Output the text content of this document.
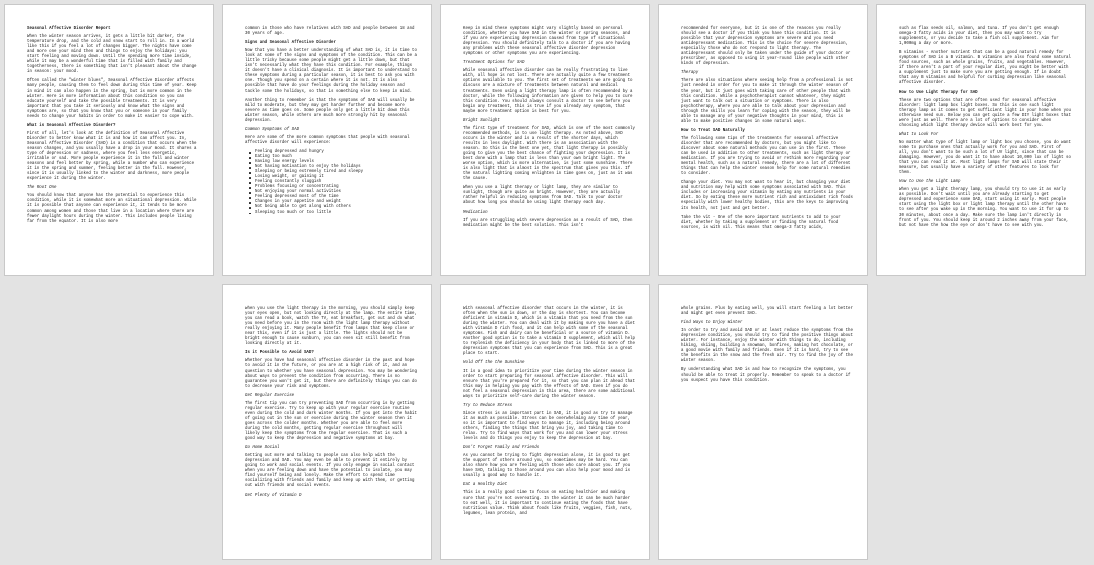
Seasonal Affective Disorder Report

When the winter season arrives, it gets a little bit darker, the temperature drop, and the cold and snow start to roll in. In a world like this if you feel a lot of changes bigger. The nights have come and more one your mind then and things to enjoy the holidays: you start feeling and moving down. Until the spending more time inside, while it may be a wonderful time that is filled with family and togetherness, there is something that isn't pleasant about the change in season: your mood.

Often called the "winter blues", Seasonal Affective Disorder affects many people, causing them to feel down during this time of year. Keep in mind it can also happen in the spring, but is more common in the winter. Here is more information about this condition so you can educate yourself and take the possible treatments. It is very important that you take it seriously and know what the signs and symptoms are, so that you know that you or someone in your family needs to change your habits in order to make it easier to cope with.

What is Seasonal Affective Disorder?

First of all, let's look at the definition of Seasonal Affective Disorder to better know what it is and how it can affect you. In, Seasonal Affective Disorder (SAD) is a condition that occurs when the season changes, and you usually have a drop in your mood. It shares a type of depression or sadness, where you feel less energetic, irritable or sad. More people experience it in the fall and winter seasons and feel better by spring, while a number who can experience it in the spring and summer, feeling better in the fall. However, since it is usually linked to the winter and darkness, more people experience it during the winter.

The Root One

You should know that anyone has the potential to experience this condition, while it is somewhat more an situational depression. While it is possible that anyone can experience it, it tends to be more common among women and those that live in a location where there are fewer daylight hours during the winter. This includes people living far from the equator. It is also more

common in those who have relatives with SAD and people between 18 and 30 years of age.

Signs and Seasonal Affective Disorder

Now that you have a better understanding of what SAD is, it is time to look at some of the signs and symptoms of the condition. This can be a little tricky because some people might get a little down, but that isn't necessarily what they have this condition. For example, things it doesn't have a clinical diagnosis. It is important to understand to these symptoms during a particular season, it is best to ask you with one. Though you spend on a certain where it is not. It is also possible that have do your feelings during the holiday season and tackle some the holidays, so that is something else to keep in mind.

Another thing to remember is that the symptoms of SAD will usually be mild to moderate, but they may get harder further and become more severe as time goes on. Some people only get a little bit down this winter season, while others are much more strongly hit by seasonal depression.

Common Symptoms of SAD

Here are some of the more common symptoms that people with seasonal affective disorder will experience:

Feeling depressed and hungry
Eating too much
Having low energy levels
Not having motivation to enjoy the holidays
Sleeping or being extremely tired and sleepy
Losing weight, or gaining it
Feeling constantly sluggish
Problems focusing or concentrating
Not enjoying your normal activities
Feeling depressed most of the time
Changes in your appetite and weight
Not being able to get along with others
Sleeping too much or too little

Keep in mind these symptoms might vary slightly based on personal condition, whether you have SAD in the winter or spring seasons, and if you are experiencing depression caused from type of situational depression. You should definitely talk to a doctor if you are having any problems with these seasonal affective disorder depression symptoms or other symptoms you are experiencing.

Treatment Options for SAD

While seasonal affective disorder can be really frustrating to live with, all hope is not lost. There are actually quite a few treatment options available to you. The first set of treatments we are going to discuss are a mixture of treatments between natural and medical treatments. Even using a light therapy lamp is often recommended by a doctor, while the following information are given to help you to cure this condition. You should always consult a doctor to see before you begin any treatment, this is true if you already any symptom, that maybe more treatment option is best for you.

Bright Sunlight

The first type of treatment for SAD, which is one of the most commonly recommended methods, is to use light therapy. As noted above, SAD occurs in the winter and is a result of the shorter days, which results in less daylight. With there is an association with the season. So this is the best one yet, that light therapy is possibly going to give you the best chance of fighting your depression. It is best done with a lamp that is less than your own bright light. The worse option, which is more alternative, is just some sunshine. There is also light that is almost in the spectrum that gives you this. If the natural lighting coming enlighten in time goes on, just as it was the cause.

When you use a light therapy or light lamp, they are similar to sunlight, though are quite as bright. However, they are actually rather helpful in reducing symptoms from SAD. Talk to your doctor about how long you should be using light therapy each day.

Medication

If you are struggling with severe depression as a result of SAD, then medication might be the best solution. This isn't

recommended for everyone, but it is one of the reasons you really should see a doctor if you think you have this condition. It is possible that your depression symptoms are severe and you need antidepressant medication. This is the choice for severe depression, especially those who do not respond to light therapy. The antidepressant should only be taken under the guide of your doctor or prescriber, as opposed to using it year-round like people with other kinds of depression.

Therapy

There are also situations where seeing help from a professional is not just needed in order for you to make it through the winter season of the year, but it just goes with taking care of other people that with this condition. While a psychotherapist cannot whatever, they might just want to talk out a situation or symptoms. There is also psychotherapy, where you are able to talk about your depression and through the skills you learn for coping with the season, they will be able to manage any of your negative thoughts in your mind, this is able to make positive changes in some natural ways.

How to Treat SAD Naturally

The following some tips of the treatments for seasonal affective disorder that are recommended by doctors, but you might like to discover about some natural methods you can use in the first. These can be used in addition to other treatments, such as light therapy or medication. If you are trying to avoid or rethink more regarding your mental health, such as a natural remedy, there are a lot of different things that can help the winter season help for some natural remedies to consider.

Change your diet. You may not want to hear it, but changing your diet and nutrition may help with some symptoms associated with SAD. This includes or increasing your vitamin by eating any nutrients in your diet. So by eating these more nutrient rich and antioxidant rich foods especially with lower healthy bodies, this are the keys to improving its health, not just and get better.

Take the vit - One of the more important nutrients to add to your diet, whether by taking a supplement or finding the natural food sources, is with oil. This means that omega-3 fatty acids,

such as flax seeds oil, salmon, and tuna. If you don't get enough omega-3 fatty acids in your diet, then you may want to try supplements, or you decide to take a fish oil supplement. Aim for 1,000mg a day or more.

B vitamins - Another nutrient that can be a good natural remedy for symptoms of SAD is a B vitamin. B vitamins are also found some natural food sources, such as whole grains, fruits, and vegetables. However, if there aren't a part of your regular diet, you might be better with a supplement just to make sure you are getting enough. If in doubt that any B vitamins and helpful for curbing depression like seasonal affective disorder.

How to Use Light Therapy for SAD

These are two options that are often used for seasonal affective disorder: light lamp box light boxes. So this is one such light therapy lamp as it comes to get sufficient light in your home when you otherwise need sun. Below you can get quite a few DIY light boxes that were just as well. There are a lot of options to consider when choosing which light therapy device will work best for you.

What to Look For

No matter what type of light lamp or light box you choose, you do want some to purchase ones that actually work for you and SAD. First of all, you don't want to be such a lot of UV light, since that can be damaging. However, you do want it to have about 10,000 lux of light so that you can read it at. Most light lamps for SAD will state their measure, but usually have a variety of other features to look for them.

How to Use the Light Lamp

When you get a light therapy lamp, you should try to use it as early as possible. Don't wait until you are already starting to get depressed and experience some SAD, start using it early. Most people start using the light box or light lamp therapy until the other have to see after you wake up in the morning. You want to use it for up to 30 minutes, about once a day. Make sure the lamp isn't directly in front of you. You should keep it around 2 inches away from your face, but not have the how the eye or don't have to see with you.

when you use the light therapy in the morning, you should simply keep your eyes open, but not looking directly at the lamp. The entire time, you can read a book, watch the TV, eat breakfast, get out and do what you need before you in the room with the light lamp therapy without really enjoying it. Many people benefit from lamps that keep close or near this, even if it is just a little. The lights should not be bright enough to cause sunburn, you can even sit still benefit from looking directly at it.

Is it Possible to Avoid SAD?

Whether you have had seasonal affective disorder in the past and hope to avoid it in the future, or you are at a high risk of it, and an question to whether you have seasonal depression. You may be wondering about ways to prevent the condition from occurring. There is no guarantee you won't get it, but there are definitely things you can do to decrease your risk and symptoms.

Get Regular Exercise

The first tip you can try preventing SAD from occurring is by getting regular exercise. Try to keep up with your regular exercise routine even during the cold and dark winter months. If you get into the habit of going out in the sun or exercise during the winter season then it goes across the colder months. Whether you are able to feel more during the cold months, getting regular exercise throughout will likely keep the symptoms from the regular exercise. That is such a good way to keep the depression and negative symptoms at bay.

Go Home Social

Getting out more and talking to people can also help with the depression and SAD. You may even be able to prevent it entirely by going to work and social events. If you only engage in social contact when you are feeling down and have the potential to isolate, you may find yourself being and lonely. Make the effort to spend time socializing with friends and family and keep up with them, or getting out with friends and social events.

Get Plenty of Vitamin D

With seasonal affective disorder that occurs in the winter, it is often when the sun is down, or the day is shortest. You can become deficient in vitamin D, which is a vitamin that you need from the sun during the winter. You can deal with it by making sure you have a diet with vitamin D rich food, and it can help with some of the seasonal symptoms. Fish and dairy can be beneficial or a source of vitamin D. Another good option is to take a vitamin D supplement, which will help to replenish the deficiency in your body that is linked to more of the depression symptoms that you can experience from SAD. This is a great place to start.

Hold Off the the Sunshine

It is a good idea to prioritize your time during the winter season in order to start preparing for seasonal affective disorder. This will ensure that you're prepared for it, so that you can plan it ahead that this may in helping you pay with the effects of SAD. Even if you do not feel a seasonal depression in this area, there are some additional ways to prioritize self-care during the winter season.

Try to Reduce Stress

Since stress is an important part in SAD, it is good as try to manage it as much as possible. Stress can be overwhelming any time of year, so it is important to find ways to manage it, including being around others, finding the things that bring you joy, and taking time to relax. Try to find ways that work for you and can lower your stress levels and do things you enjoy to keep the depression at bay.

Don't Forget Family and Friends

As you cannot be trying to fight depression alone, it is good to get the support of others around you, so sometimes may be hard. You can also share how you are feeling with those who care about you. If you have SAD, talking to those around you can also help your mood and is usually a good way to handle it.

Eat a Healthy Diet

This is a really good time to focus on eating healthier and making sure that you're not overeating. In the winter it can be much harder to eat well, it is important to continue eating the foods that have nutritious value. Think about foods like fruits, veggies, fish, nuts, legumes, lean protein, and

whole grains. Plus by eating well, you will start feeling a lot better and might get even prevent SAD.

Find Ways to Enjoy Winter

In order to try and avoid SAD or at least reduce the symptoms from the depressive condition, you should try to find the positive things about winter. For instance, enjoy the winter with things to do, including hiking, skiing, building a snowman, bonfires, making hot chocolate, or a good movie with family and friends. Even if it is hard, try to see the benefits in the snow and the fresh air. Try to find the joy of the winter season.

By understanding what SAD is and how to recognize the symptoms, you should be able to treat it properly. Remember to speak to a doctor if you suspect you have this condition.
